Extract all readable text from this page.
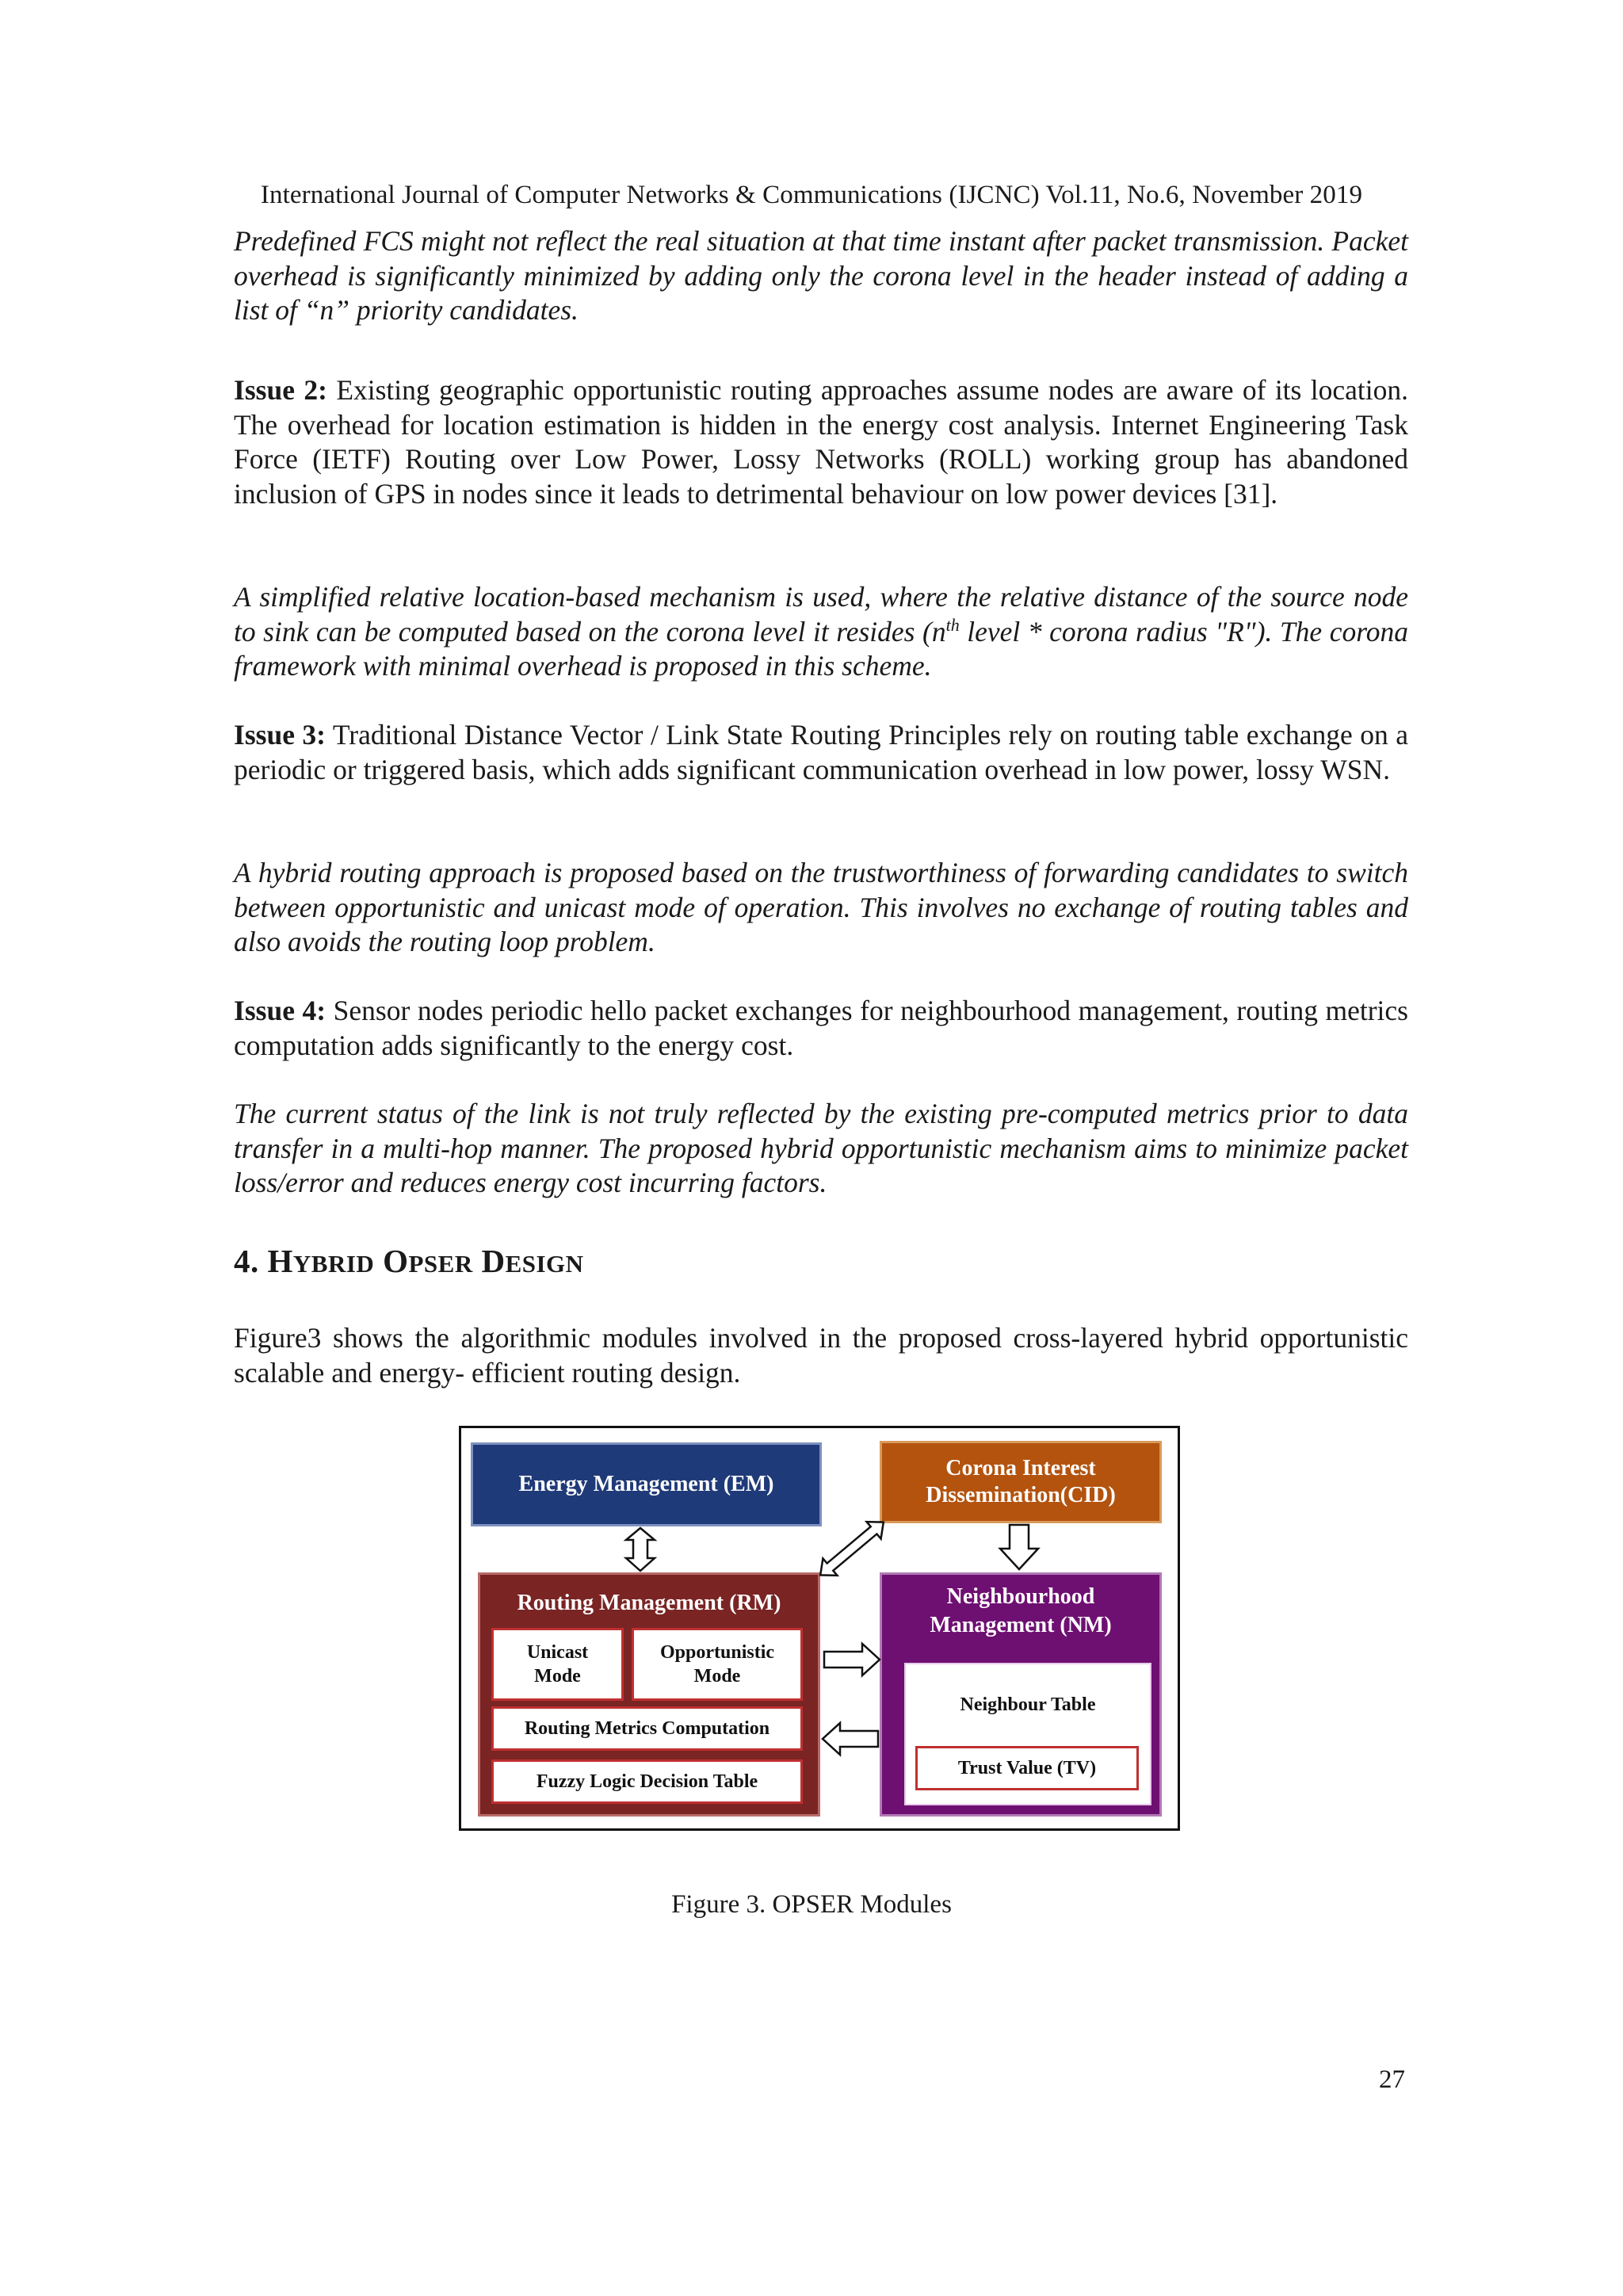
International Journal of Computer Networks & Communications (IJCNC) Vol.11, No.6, November 2019
Predefined FCS might not reflect the real situation at that time instant after packet transmission. Packet overhead is significantly minimized by adding only the corona level in the header instead of adding a list of “n” priority candidates.
Issue 2: Existing geographic opportunistic routing approaches assume nodes are aware of its location. The overhead for location estimation is hidden in the energy cost analysis. Internet Engineering Task Force (IETF) Routing over Low Power, Lossy Networks (ROLL) working group has abandoned inclusion of GPS in nodes since it leads to detrimental behaviour on low power devices [31].
A simplified relative location-based mechanism is used, where the relative distance of the source node to sink can be computed based on the corona level it resides ($n^{th}$ level * corona radius "R"). The corona framework with minimal overhead is proposed in this scheme.
Issue 3: Traditional Distance Vector / Link State Routing Principles rely on routing table exchange on a periodic or triggered basis, which adds significant communication overhead in low power, lossy WSN.
A hybrid routing approach is proposed based on the trustworthiness of forwarding candidates to switch between opportunistic and unicast mode of operation. This involves no exchange of routing tables and also avoids the routing loop problem.
Issue 4: Sensor nodes periodic hello packet exchanges for neighbourhood management, routing metrics computation adds significantly to the energy cost.
The current status of the link is not truly reflected by the existing pre-computed metrics prior to data transfer in a multi-hop manner. The proposed hybrid opportunistic mechanism aims to minimize packet loss/error and reduces energy cost incurring factors.
4. HYBRID OPSER DESIGN
Figure3 shows the algorithmic modules involved in the proposed cross-layered hybrid opportunistic scalable and energy- efficient routing design.
Energy Management (EM)
Corona Interest
Dissemination(CID)
Routing Management (RM)
Unicast
Mode
Opportunistic
Mode
Routing Metrics Computation
Fuzzy Logic Decision Table
Neighbourhood
Management (NM)
Neighbour Table
Trust Value (TV)
Figure 3. OPSER Modules
27
